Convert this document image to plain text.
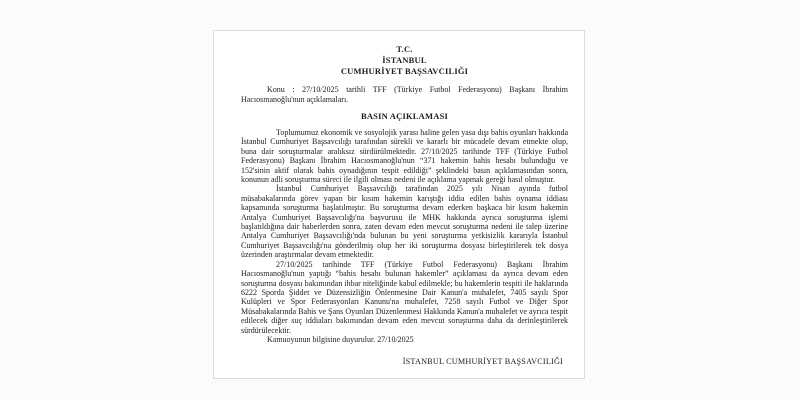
T.C.
İSTANBUL
CUMHURİYET BAŞSAVCILIĞI

Konu : 27/10/2025 tarihli TFF (Türkiye Futbol Federasyonu) Başkanı İbrahim Hacıosmanoğlu'nun açıklamaları.

BASIN AÇIKLAMASI

Toplumumuz ekonomik ve sosyolojik yarası haline gelen yasa dışı bahis oyunları hakkında İstanbul Cumhuriyet Başsavcılığı tarafından sürekli ve kararlı bir mücadele devam etmekte olup, buna dair soruşturmalar aralıksız sürdürülmektedir. 27/10/2025 tarihinde TFF (Türkiye Futbol Federasyonu) Başkanı İbrahim Hacıosmanoğlu'nun “371 hakemin bahis hesabı bulunduğu ve 152'sinin aktif olarak bahis oynadığının tespit edildiği” şeklindeki basın açıklamasından sonra, konunun adli soruşturma süreci ile ilgili olması nedeni ile açıklama yapmak gereği hasıl olmuştur.

İstanbul Cumhuriyet Başsavcılığı tarafından 2025 yılı Nisan ayında futbol müsabakalarında görev yapan bir kısım hakemin karıştığı iddia edilen bahis oynama iddiası kapsamında soruşturma başlatılmıştır. Bu soruşturma devam ederken başkaca bir kısım hakemin Antalya Cumhuriyet Başsavcılığı'na başvurusu ile MHK hakkında ayrıca soruşturma işlemi başlatıldığına dair haberlerden sonra, zaten devam eden mevcut soruşturma nedeni ile talep üzerine Antalya Cumhuriyet Başsavcılığı'nda bulunan bu yeni soruşturma yetkisizlik kararıyla İstanbul Cumhuriyet Başsavcılığı'na gönderilmiş olup her iki soruşturma dosyası birleştirilerek tek dosya üzerinden araştırmalar devam etmektedir.

27/10/2025 tarihinde TFF (Türkiye Futbol Federasyonu) Başkanı İbrahim Hacıosmanoğlu'nun yaptığı “bahis hesabı bulunan hakemler” açıklaması da ayrıca devam eden soruşturma dosyası bakımından ihbar niteliğinde kabul edilmekle; bu hakemlerin tespiti ile haklarında 6222 Sporda Şiddet ve Düzensizliğin Önlenmesine Dair Kanun'a muhalefet, 7405 sayılı Spor Kulüpleri ve Spor Federasyonları Kanunu'na muhalefet, 7258 sayılı Futbol ve Diğer Spor Müsabakalarında Bahis ve Şans Oyunları Düzenlenmesi Hakkında Kanun'a muhalefet ve ayrıca tespit edilecek diğer suç iddiaları bakımından devam eden mevcut soruşturma daha da derinleştirilerek sürdürülecektir.

Kamuoyunun bilgisine duyurulur. 27/10/2025

İSTANBUL CUMHURİYET BAŞSAVCILIĞI
